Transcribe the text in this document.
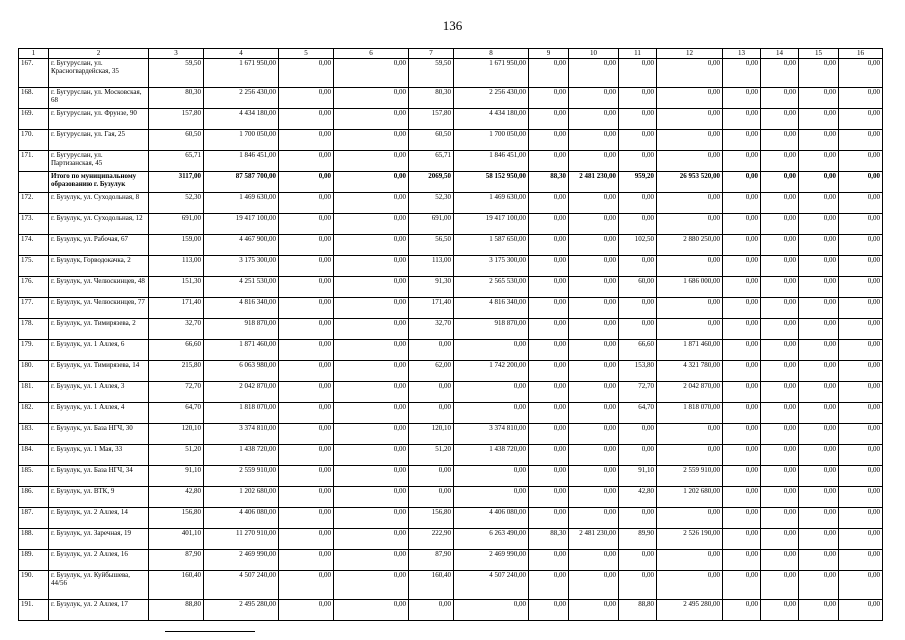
136
1	2	3	4	5	6	7	8	9	10	11	12	13	14	15	16
167.	г. Бугуруслан, ул. Красногвардейская, 35	59,50	1 671 950,00	0,00	0,00	59,50	1 671 950,00	0,00	0,00	0,00	0,00	0,00	0,00	0,00	0,00
168.	г. Бугуруслан, ул. Московская, 68	80,30	2 256 430,00	0,00	0,00	80,30	2 256 430,00	0,00	0,00	0,00	0,00	0,00	0,00	0,00	0,00
169.	г. Бугуруслан, ул. Фрунзе, 90	157,80	4 434 180,00	0,00	0,00	157,80	4 434 180,00	0,00	0,00	0,00	0,00	0,00	0,00	0,00	0,00
170.	г. Бугуруслан, ул. Гая, 25	60,50	1 700 050,00	0,00	0,00	60,50	1 700 050,00	0,00	0,00	0,00	0,00	0,00	0,00	0,00	0,00
171.	г. Бугуруслан, ул. Партизанская, 45	65,71	1 846 451,00	0,00	0,00	65,71	1 846 451,00	0,00	0,00	0,00	0,00	0,00	0,00	0,00	0,00
	Итого по муниципальному образованию г. Бузулук	3117,00	87 587 700,00	0,00	0,00	2069,50	58 152 950,00	88,30	2 481 230,00	959,20	26 953 520,00	0,00	0,00	0,00	0,00
172.	г. Бузулук, ул. Суходольная, 8	52,30	1 469 630,00	0,00	0,00	52,30	1 469 630,00	0,00	0,00	0,00	0,00	0,00	0,00	0,00	0,00
173.	г. Бузулук, ул. Суходольная, 12	691,00	19 417 100,00	0,00	0,00	691,00	19 417 100,00	0,00	0,00	0,00	0,00	0,00	0,00	0,00	0,00
174.	г. Бузулук, ул. Рабочая, 67	159,00	4 467 900,00	0,00	0,00	56,50	1 587 650,00	0,00	0,00	102,50	2 880 250,00	0,00	0,00	0,00	0,00
175.	г. Бузулук, Горводокачка, 2	113,00	3 175 300,00	0,00	0,00	113,00	3 175 300,00	0,00	0,00	0,00	0,00	0,00	0,00	0,00	0,00
176.	г. Бузулук, ул. Челюскинцев, 48	151,30	4 251 530,00	0,00	0,00	91,30	2 565 530,00	0,00	0,00	60,00	1 686 000,00	0,00	0,00	0,00	0,00
177.	г. Бузулук, ул. Челюскинцев, 77	171,40	4 816 340,00	0,00	0,00	171,40	4 816 340,00	0,00	0,00	0,00	0,00	0,00	0,00	0,00	0,00
178.	г. Бузулук, ул. Тимирязева, 2	32,70	918 870,00	0,00	0,00	32,70	918 870,00	0,00	0,00	0,00	0,00	0,00	0,00	0,00	0,00
179.	г. Бузулук, ул. 1 Аллея, 6	66,60	1 871 460,00	0,00	0,00	0,00	0,00	0,00	0,00	66,60	1 871 460,00	0,00	0,00	0,00	0,00
180.	г. Бузулук, ул. Тимирязева, 14	215,80	6 063 980,00	0,00	0,00	62,00	1 742 200,00	0,00	0,00	153,80	4 321 780,00	0,00	0,00	0,00	0,00
181.	г. Бузулук, ул. 1 Аллея, 3	72,70	2 042 870,00	0,00	0,00	0,00	0,00	0,00	0,00	72,70	2 042 870,00	0,00	0,00	0,00	0,00
182.	г. Бузулук, ул. 1 Аллея, 4	64,70	1 818 070,00	0,00	0,00	0,00	0,00	0,00	0,00	64,70	1 818 070,00	0,00	0,00	0,00	0,00
183.	г. Бузулук, ул. База НГЧ, 30	120,10	3 374 810,00	0,00	0,00	120,10	3 374 810,00	0,00	0,00	0,00	0,00	0,00	0,00	0,00	0,00
184.	г. Бузулук, ул. 1 Мая, 33	51,20	1 438 720,00	0,00	0,00	51,20	1 438 720,00	0,00	0,00	0,00	0,00	0,00	0,00	0,00	0,00
185.	г. Бузулук, ул. База НГЧ, 34	91,10	2 559 910,00	0,00	0,00	0,00	0,00	0,00	0,00	91,10	2 559 910,00	0,00	0,00	0,00	0,00
186.	г. Бузулук, ул. ВТК, 9	42,80	1 202 680,00	0,00	0,00	0,00	0,00	0,00	0,00	42,80	1 202 680,00	0,00	0,00	0,00	0,00
187.	г. Бузулук, ул. 2 Аллея, 14	156,80	4 406 080,00	0,00	0,00	156,80	4 406 080,00	0,00	0,00	0,00	0,00	0,00	0,00	0,00	0,00
188.	г. Бузулук, ул. Заречная, 19	401,10	11 270 910,00	0,00	0,00	222,90	6 263 490,00	88,30	2 481 230,00	89,90	2 526 190,00	0,00	0,00	0,00	0,00
189.	г. Бузулук, ул. 2 Аллея, 16	87,90	2 469 990,00	0,00	0,00	87,90	2 469 990,00	0,00	0,00	0,00	0,00	0,00	0,00	0,00	0,00
190.	г. Бузулук, ул. Куйбышева, 44/56	160,40	4 507 240,00	0,00	0,00	160,40	4 507 240,00	0,00	0,00	0,00	0,00	0,00	0,00	0,00	0,00
191.	г. Бузулук, ул. 2 Аллея, 17	88,80	2 495 280,00	0,00	0,00	0,00	0,00	0,00	0,00	88,80	2 495 280,00	0,00	0,00	0,00	0,00
